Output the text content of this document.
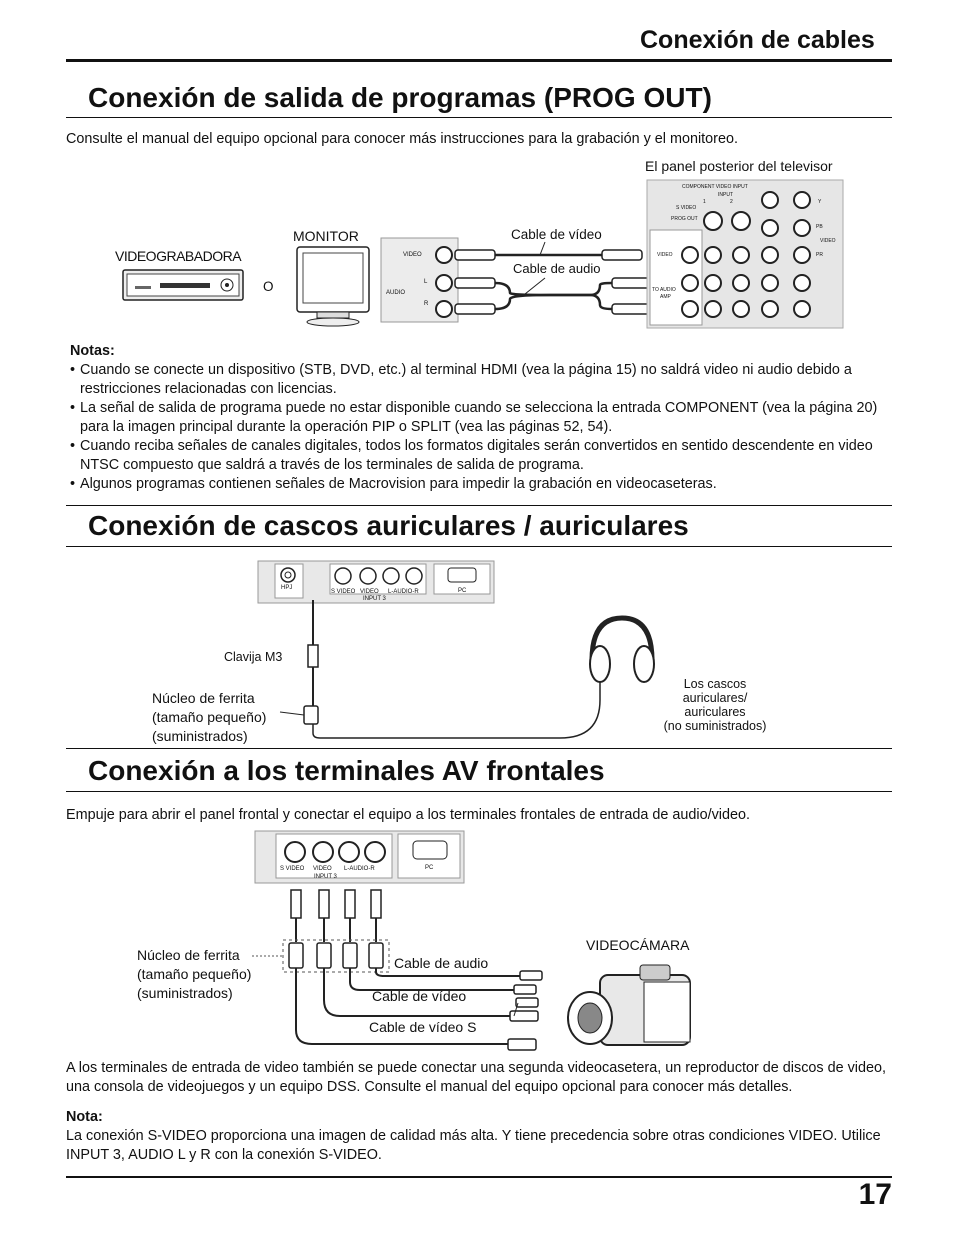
Conexión de cables
Conexión de salida de programas (PROG OUT)
Consulte el manual del equipo opcional para conocer más instrucciones para la grabación y el monitoreo.
El panel posterior del televisor
VIDEOGRABADORA
O
MONITOR	Cable de vídeo
Cable de audio
VIDEO
L
AUDIO
R
COMPONENT VIDEO INPUT
INPUT
1	2
S VIDEO
PROG OUT
VIDEO
TO AUDIO
AMP
Y
PB
PR
VIDEO
Notas:
• Cuando se conecte un dispositivo (STB, DVD, etc.) al terminal HDMI (vea la página 15) no saldrá video ni audio debido a restricciones relacionadas con licencias.
• La señal de salida de programa puede no estar disponible cuando se selecciona la entrada COMPONENT (vea la página 20) para la imagen principal durante la operación PIP o SPLIT (vea las páginas 52, 54).
• Cuando reciba señales de canales digitales, todos los formatos digitales serán convertidos en sentido descendente en video NTSC compuesto que saldrá a través de los terminales de salida de programa.
• Algunos programas contienen señales de Macrovision para impedir la grabación en videocaseteras.
Conexión de cascos auriculares / auriculares
HPJ
S VIDEO VIDEO L-AUDIO-R
INPUT 3
PC
Clavija M3
Núcleo de ferrita
(tamaño pequeño)
(suministrados)
Los cascos
auriculares/
auriculares
(no suministrados)
Conexión a los terminales AV frontales
Empuje para abrir el panel frontal y conectar el equipo a los terminales frontales de entrada de audio/video.
S VIDEO VIDEO L-AUDIO-R
INPUT 3
PC
Núcleo de ferrita
(tamaño pequeño)
(suministrados)
VIDEOCÁMARA
Cable de audio
Cable de vídeo
Cable de vídeo S
A los terminales de entrada de video también se puede conectar una segunda videocasetera, un reproductor de discos de video, una consola de videojuegos y un equipo DSS. Consulte el manual del equipo opcional para conocer más detalles.
Nota:
La conexión S-VIDEO proporciona una imagen de calidad más alta. Y tiene precedencia sobre otras condiciones VIDEO. Utilice INPUT 3, AUDIO L y R con la conexión S-VIDEO.
17
